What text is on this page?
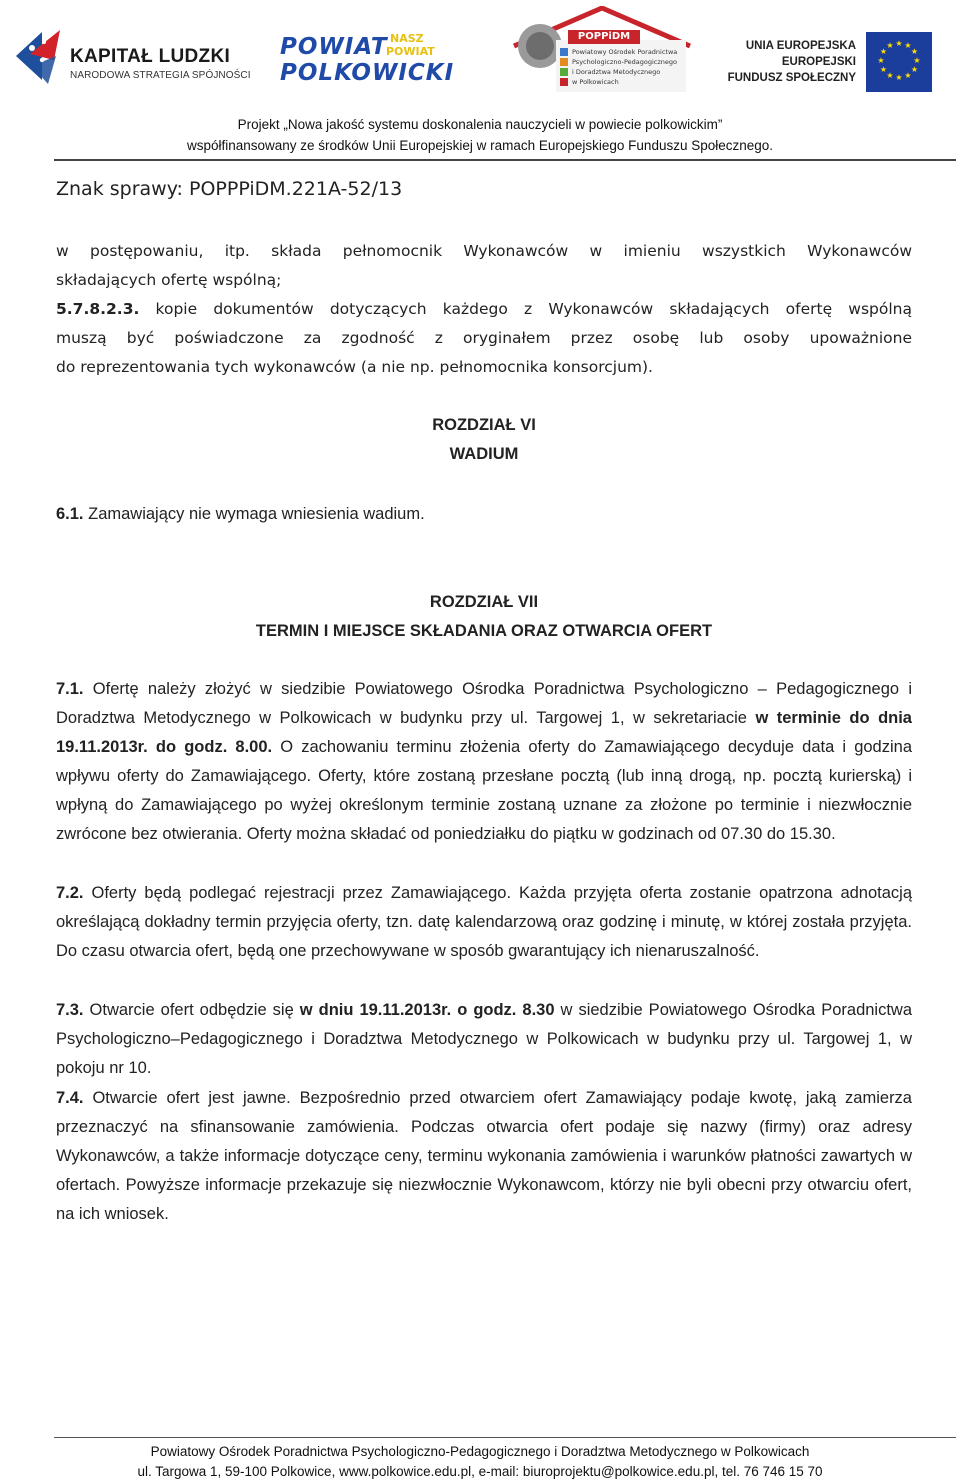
KAPITAŁ LUDZKI
NARODOWA STRATEGIA SPÓJNOŚCI
POWIAT
POLKOWICKI
NASZ
POWIAT
POPPiDM
Powiatowy Ośrodek Poradnictwa
Psychologiczno-Pedagogicznego
i Doradztwa Metodycznego
w Polkowicach
UNIA EUROPEJSKA
EUROPEJSKI
FUNDUSZ SPOŁECZNY
★ ★
★
★
★
★
★
★
★
★
★
★
Projekt „Nowa jakość systemu doskonalenia nauczycieli w powiecie polkowickim”
współfinansowany ze środków Unii Europejskiej w ramach Europejskiego Funduszu Społecznego.
Znak sprawy: POPPPiDM.221A-52/13

w postępowaniu, itp. składa pełnomocnik Wykonawców w imieniu wszystkich Wykonawców

składających ofertę wspólną;

5.7.8.2.3. kopie dokumentów dotyczących każdego z Wykonawców składających ofertę wspólną

muszą być poświadczone za zgodność z oryginałem przez osobę lub osoby upoważnione

do reprezentowania tych wykonawców (a nie np. pełnomocnika konsorcjum).

ROZDZIAŁ VI

WADIUM

6.1. Zamawiający nie wymaga wniesienia wadium.

ROZDZIAŁ VII

TERMIN I MIEJSCE SKŁADANIA ORAZ OTWARCIA OFERT

7.1. Ofertę należy złożyć w siedzibie Powiatowego Ośrodka Poradnictwa Psychologiczno – Pedagogicznego i Doradztwa Metodycznego w Polkowicach w budynku przy ul. Targowej 1, w sekretariacie w terminie do dnia 19.11.2013r. do godz. 8.00. O zachowaniu terminu złożenia oferty do Zamawiającego decyduje data i godzina wpływu oferty do Zamawiającego. Oferty, które zostaną przesłane pocztą (lub inną drogą, np. pocztą kurierską) i wpłyną do Zamawiającego po wyżej określonym terminie zostaną uznane za złożone po terminie i niezwłocznie zwrócone bez otwierania. Oferty można składać od poniedziałku do piątku w godzinach od 07.30 do 15.30.

7.2. Oferty będą podlegać rejestracji przez Zamawiającego. Każda przyjęta oferta zostanie opatrzona adnotacją określającą dokładny termin przyjęcia oferty, tzn. datę kalendarzową oraz godzinę i minutę, w której została przyjęta. Do czasu otwarcia ofert, będą one przechowywane w sposób gwarantujący ich nienaruszalność.

7.3. Otwarcie ofert odbędzie się w dniu 19.11.2013r. o godz. 8.30 w siedzibie Powiatowego Ośrodka Poradnictwa Psychologiczno–Pedagogicznego i Doradztwa Metodycznego w Polkowicach w budynku przy ul. Targowej 1, w pokoju nr 10.

7.4. Otwarcie ofert jest jawne. Bezpośrednio przed otwarciem ofert Zamawiający podaje kwotę, jaką zamierza przeznaczyć na sfinansowanie zamówienia. Podczas otwarcia ofert podaje się nazwy (firmy) oraz adresy Wykonawców, a także informacje dotyczące ceny, terminu wykonania zamówienia i warunków płatności zawartych w ofertach. Powyższe informacje przekazuje się niezwłocznie Wykonawcom, którzy nie byli obecni przy otwarciu ofert, na ich wniosek.

Powiatowy Ośrodek Poradnictwa Psychologiczno-Pedagogicznego i Doradztwa Metodycznego w Polkowicach
ul. Targowa 1, 59-100 Polkowice, www.polkowice.edu.pl, e-mail: biuroprojektu@polkowice.edu.pl, tel. 76 746 15 70
